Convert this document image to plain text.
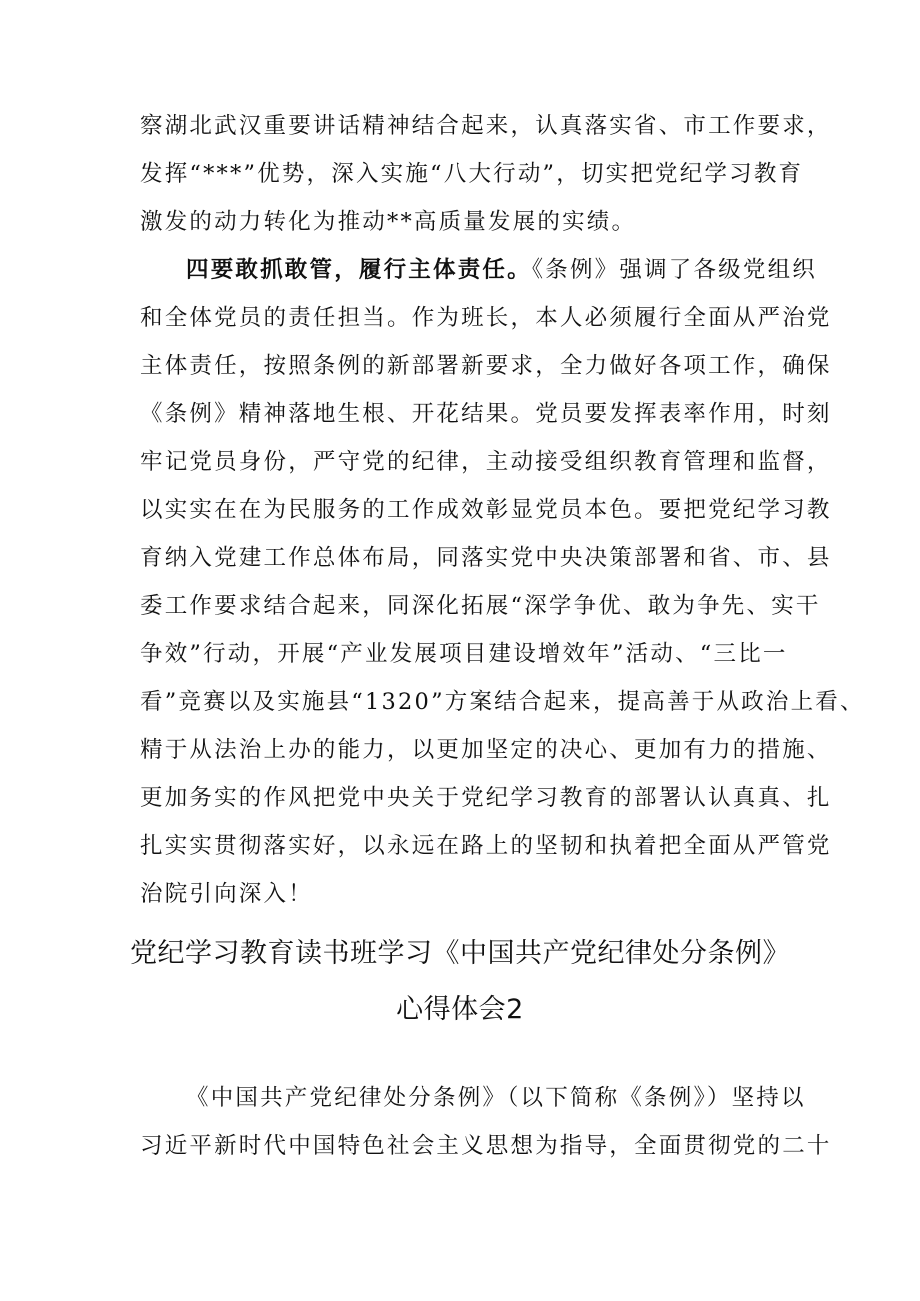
察湖北武汉重要讲话精神结合起来，认真落实省、市工作要求，
发挥“***”优势，深入实施“八大行动”，切实把党纪学习教育
激发的动力转化为推动**高质量发展的实绩。
四要敢抓敢管，履行主体责任。《条例》强调了各级党组织
和全体党员的责任担当。作为班长，本人必须履行全面从严治党
主体责任，按照条例的新部署新要求，全力做好各项工作，确保
《条例》精神落地生根、开花结果。党员要发挥表率作用，时刻
牢记党员身份，严守党的纪律，主动接受组织教育管理和监督，
以实实在在为民服务的工作成效彰显党员本色。要把党纪学习教
育纳入党建工作总体布局，同落实党中央决策部署和省、市、县
委工作要求结合起来，同深化拓展“深学争优、敢为争先、实干
争效”行动，开展“产业发展项目建设增效年”活动、“三比一
看”竞赛以及实施县“1320”方案结合起来，提高善于从政治上看、
精于从法治上办的能力，以更加坚定的决心、更加有力的措施、
更加务实的作风把党中央关于党纪学习教育的部署认认真真、扎
扎实实贯彻落实好，以永远在路上的坚韧和执着把全面从严管党
治院引向深入！
党纪学习教育读书班学习《中国共产党纪律处分条例》
心得体会2
《中国共产党纪律处分条例》（以下简称《条例》）坚持以
习近平新时代中国特色社会主义思想为指导，全面贯彻党的二十
